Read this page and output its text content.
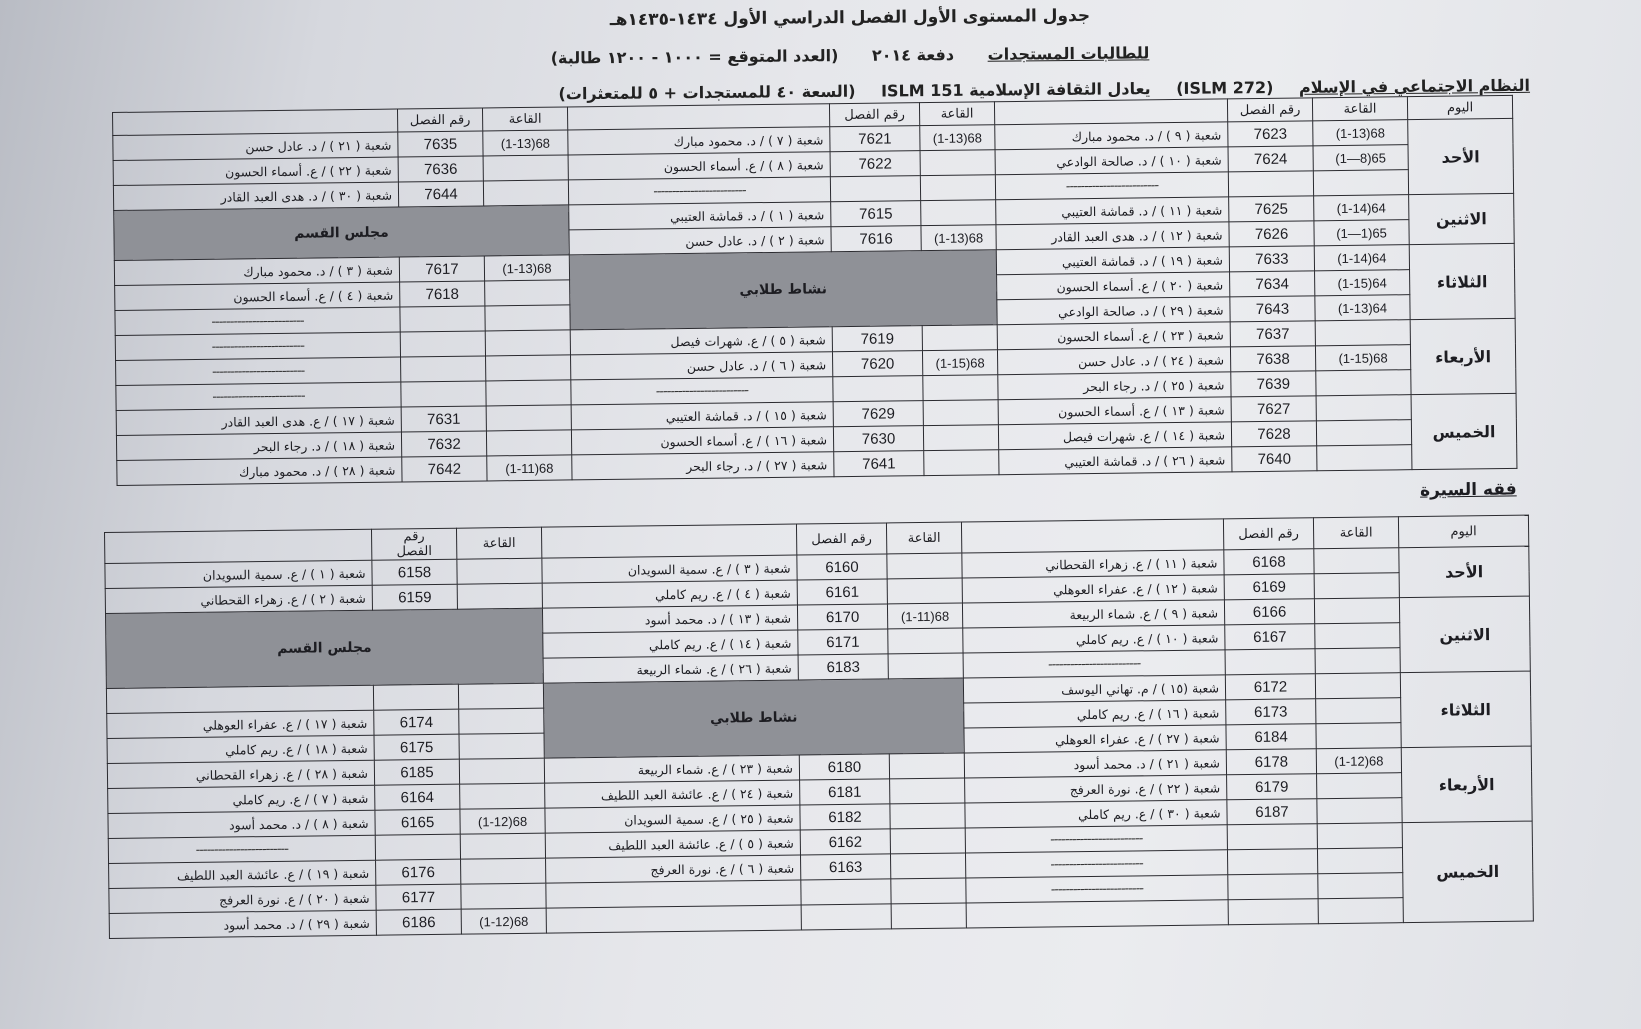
جدول المستوى الأول الفصل الدراسي الأول ١٤٣٤-١٤٣٥هـ
للطالبات المستجدات دفعة ٢٠١٤ (العدد المتوقع = ١٠٠٠ - ١٢٠٠ طالبة)
النظام الاجتماعي في الإسلام (ISLM 272) يعادل الثقافة الإسلامية ISLM 151 (السعة ٤٠ للمستجدات + ٥ للمتعثرات)
اليوم	القاعة	رقم الفصل		القاعة	رقم الفصل		القاعة	رقم الفصل	
الأحد	(1-13)68	7623	شعبة ( ٩ ) / د. محمود مبارك	(1-13)68	7621	شعبة ( ٧ ) / د. محمود مبارك	(1-13)68	7635	شعبة ( ٢١ ) / د. عادل حسن
	(1—8)65	7624	شعبة ( ١٠ ) / د. صالحة الوادعي		7622	شعبة ( ٨ ) / ع. أسماء الحسون		7636	شعبة ( ٢٢ ) / ع. أسماء الحسون
			-------------------------			-------------------------		7644	شعبة ( ٣٠ ) / د. هدى العبد القادر
الاثنين	(1-14)64	7625	شعبة ( ١١ ) / د. قماشة العتيبي		7615	شعبة ( ١ ) / د. قماشة العتيبي	مجلس القسم		
	(1—1)65	7626	شعبة ( ١٢ ) / د. هدى العبد القادر	(1-13)68	7616	شعبة ( ٢ ) / د. عادل حسن			
الثلاثاء	(1-14)64	7633	شعبة ( ١٩ ) / د. قماشة العتيبي	نشاط طلابي			(1-13)68	7617	شعبة ( ٣ ) / د. محمود مبارك
	(1-15)64	7634	شعبة ( ٢٠ ) / ع. أسماء الحسون					7618	شعبة ( ٤ ) / ع. أسماء الحسون
	(1-13)64	7643	شعبة ( ٢٩ ) / د. صالحة الوادعي						-------------------------
الأربعاء		7637	شعبة ( ٢٣ ) / ع. أسماء الحسون		7619	شعبة ( ٥ ) / ع. شهرات فيصل			-------------------------
	(1-15)68	7638	شعبة ( ٢٤ ) / د. عادل حسن	(1-15)68	7620	شعبة ( ٦ ) / د. عادل حسن			-------------------------
		7639	شعبة ( ٢٥ ) / د. رجاء البحر			-------------------------			-------------------------
الخميس		7627	شعبة ( ١٣ ) / ع. أسماء الحسون		7629	شعبة ( ١٥ ) / د. قماشة العتيبي		7631	شعبة ( ١٧ ) / ع. هدى العبد القادر
		7628	شعبة ( ١٤ ) / ع. شهرات فيصل		7630	شعبة ( ١٦ ) / ع. أسماء الحسون		7632	شعبة ( ١٨ ) / د. رجاء البحر
		7640	شعبة ( ٢٦ ) / د. قماشة العتيبي		7641	شعبة ( ٢٧ ) / د. رجاء البحر	(1-11)68	7642	شعبة ( ٢٨ ) / د. محمود مبارك
فقه السيرة
اليوم	القاعة	رقم الفصل		القاعة	رقم الفصل		القاعة	رقم
الفصل	
الأحد		6168	شعبة ( ١١ ) / ع. زهراء القحطاني		6160	شعبة ( ٣ ) / ع. سمية السويدان		6158	شعبة ( ١ ) / ع. سمية السويدان
		6169	شعبة ( ١٢ ) / ع. عفراء العوهلي		6161	شعبة ( ٤ ) / ع. ريم كاملي		6159	شعبة ( ٢ ) / ع. زهراء القحطاني
الاثنين		6166	شعبة ( ٩ ) / ع. شماء الربيعة	(1-11)68	6170	شعبة ( ١٣ ) / د. محمد أسود	مجلس القسم		
		6167	شعبة ( ١٠ ) / ع. ريم كاملي		6171	شعبة ( ١٤ ) / ع. ريم كاملي			
			-------------------------		6183	شعبة ( ٢٦ ) / ع. شماء الربيعة			
الثلاثاء		6172	شعبة (١٥ ) / م. تهاني اليوسف	نشاط طلابي					
		6173	شعبة ( ١٦ ) / ع. ريم كاملي					6174	شعبة ( ١٧ ) / ع. عفراء العوهلي
		6184	شعبة ( ٢٧ ) / ع. عفراء العوهلي					6175	شعبة ( ١٨ ) / ع. ريم كاملي
الأربعاء	(1-12)68	6178	شعبة ( ٢١ ) / د. محمد أسود		6180	شعبة ( ٢٣ ) / ع. شماء الربيعة		6185	شعبة ( ٢٨ ) / ع. زهراء القحطاني
		6179	شعبة ( ٢٢ ) / ع. نورة العرفج		6181	شعبة ( ٢٤ ) / ع. عائشة العبد اللطيف		6164	شعبة ( ٧ ) / ع. ريم كاملي
		6187	شعبة ( ٣٠ ) / ع. ريم كاملي		6182	شعبة ( ٢٥ ) / ع. سمية السويدان	(1-12)68	6165	شعبة ( ٨ ) / د. محمد أسود
الخميس			-------------------------		6162	شعبة ( ٥ ) / ع. عائشة العبد اللطيف			-------------------------
			-------------------------		6163	شعبة ( ٦ ) / ع. نورة العرفج		6176	شعبة ( ١٩ ) / ع. عائشة العبد اللطيف
			-------------------------					6177	شعبة ( ٢٠ ) / ع. نورة العرفج
							(1-12)68	6186	شعبة ( ٢٩ ) / د. محمد أسود
